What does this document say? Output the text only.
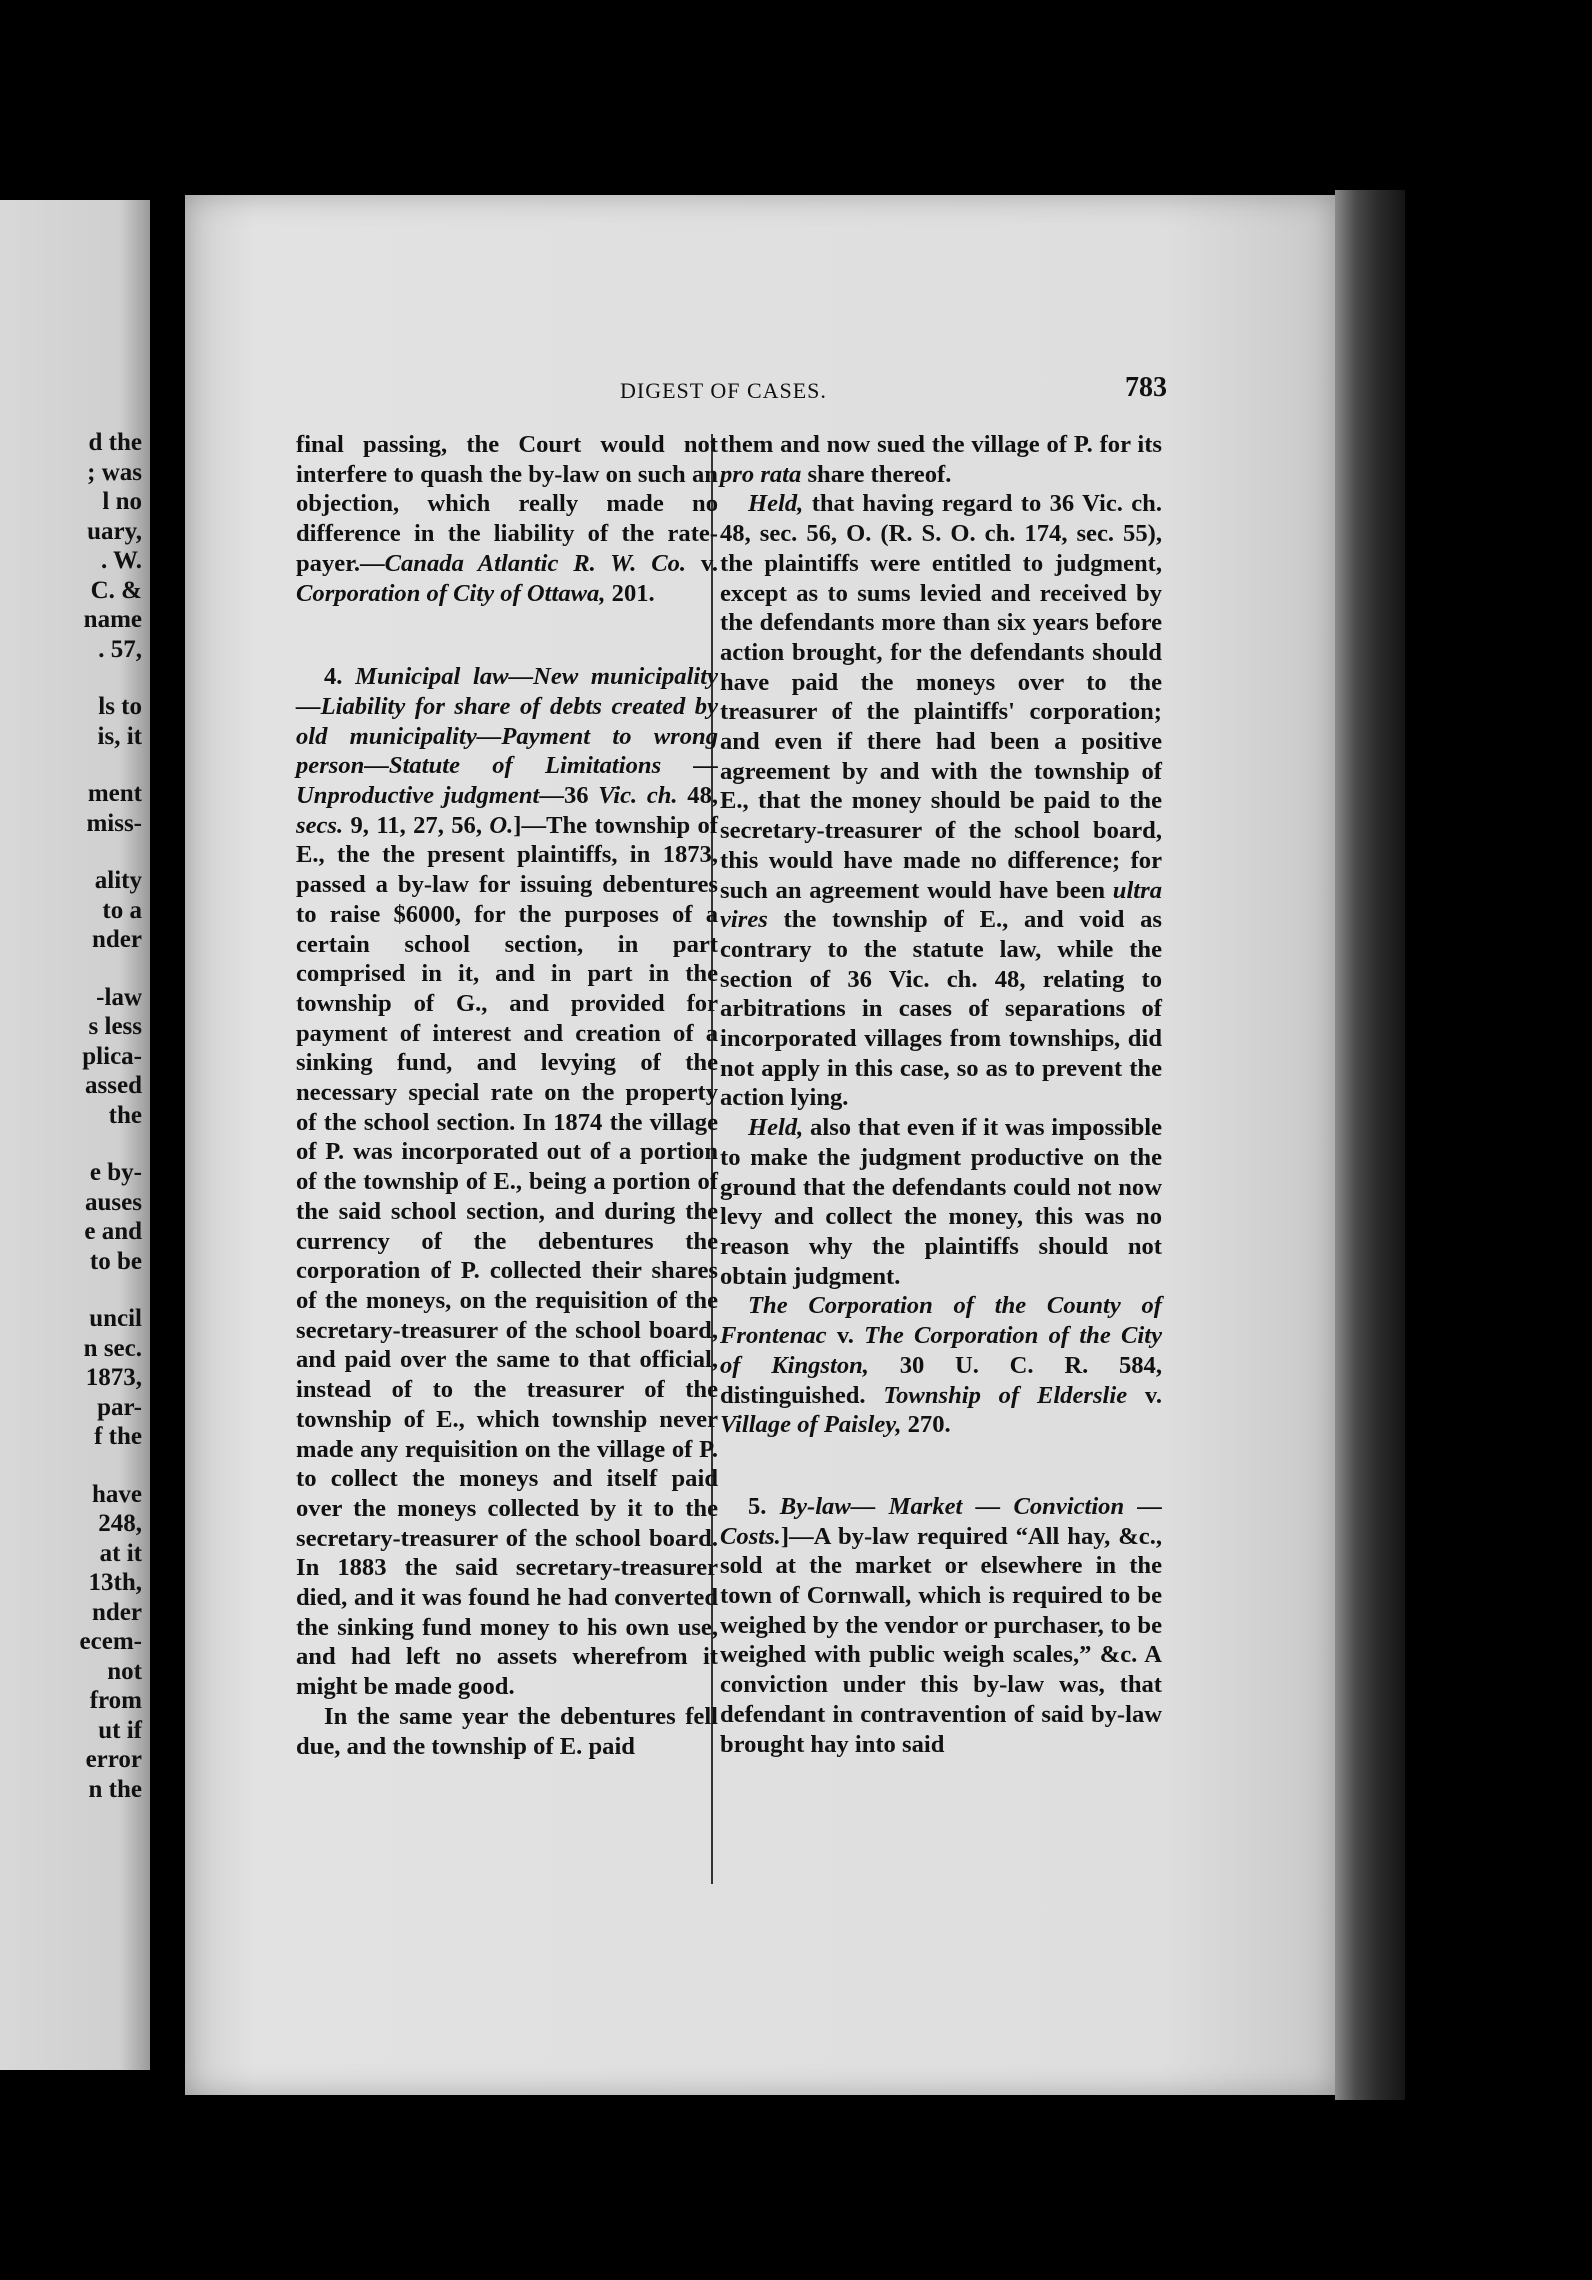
d the
; was
l no
uary,
. W.
C. &
name
. 57,
ls to
is, it
ment
miss-
ality
to a
nder
-law
s less
plica-
assed
the
e by-
auses
e and
to be
uncil
n sec.
1873,
par-
f the
have
248,
at it
13th,
nder
ecem-
not
from
ut if
error
n the
DIGEST OF CASES.	783

final passing, the Court would not interfere to quash the by-law on such an objection, which really made no difference in the liability of the rate-payer.—Canada Atlantic R. W. Co. v. Corporation of City of Ottawa, 201.

4. Municipal law—New municipality—Liability for share of debts created by old municipality—Payment to wrong person—Statute of Limitations — Unproductive judgment—36 Vic. ch. 48, secs. 9, 11, 27, 56, O.]—The township of E., the the present plaintiffs, in 1873, passed a by-law for issuing debentures to raise $6000, for the purposes of a certain school section, in part comprised in it, and in part in the township of G., and provided for payment of interest and creation of a sinking fund, and levying of the necessary special rate on the property of the school section. In 1874 the village of P. was incorporated out of a portion of the township of E., being a portion of the said school section, and during the currency of the debentures the corporation of P. collected their shares of the moneys, on the requisition of the secretary-treasurer of the school board, and paid over the same to that official, instead of to the treasurer of the township of E., which township never made any requisition on the village of P. to collect the moneys and itself paid over the moneys collected by it to the secretary-treasurer of the school board. In 1883 the said secretary-treasurer died, and it was found he had converted the sinking fund money to his own use, and had left no assets wherefrom it might be made good.

In the same year the debentures fell due, and the township of E. paid

them and now sued the village of P. for its pro rata share thereof.

Held, that having regard to 36 Vic. ch. 48, sec. 56, O. (R. S. O. ch. 174, sec. 55), the plaintiffs were entitled to judgment, except as to sums levied and received by the defendants more than six years before action brought, for the defendants should have paid the moneys over to the treasurer of the plaintiffs' corporation; and even if there had been a positive agreement by and with the township of E., that the money should be paid to the secretary-treasurer of the school board, this would have made no difference; for such an agreement would have been ultra vires the township of E., and void as contrary to the statute law, while the section of 36 Vic. ch. 48, relating to arbitrations in cases of separations of incorporated villages from townships, did not apply in this case, so as to prevent the action lying.

Held, also that even if it was impossible to make the judgment productive on the ground that the defendants could not now levy and collect the money, this was no reason why the plaintiffs should not obtain judgment.

The Corporation of the County of Frontenac v. The Corporation of the City of Kingston, 30 U. C. R. 584, distinguished. Township of Elderslie v. Village of Paisley, 270.

5. By-law— Market — Conviction —Costs.]—A by-law required “All hay, &c., sold at the market or elsewhere in the town of Cornwall, which is required to be weighed by the vendor or purchaser, to be weighed with public weigh scales,” &c. A conviction under this by-law was, that defendant in contravention of said by-law brought hay into said
